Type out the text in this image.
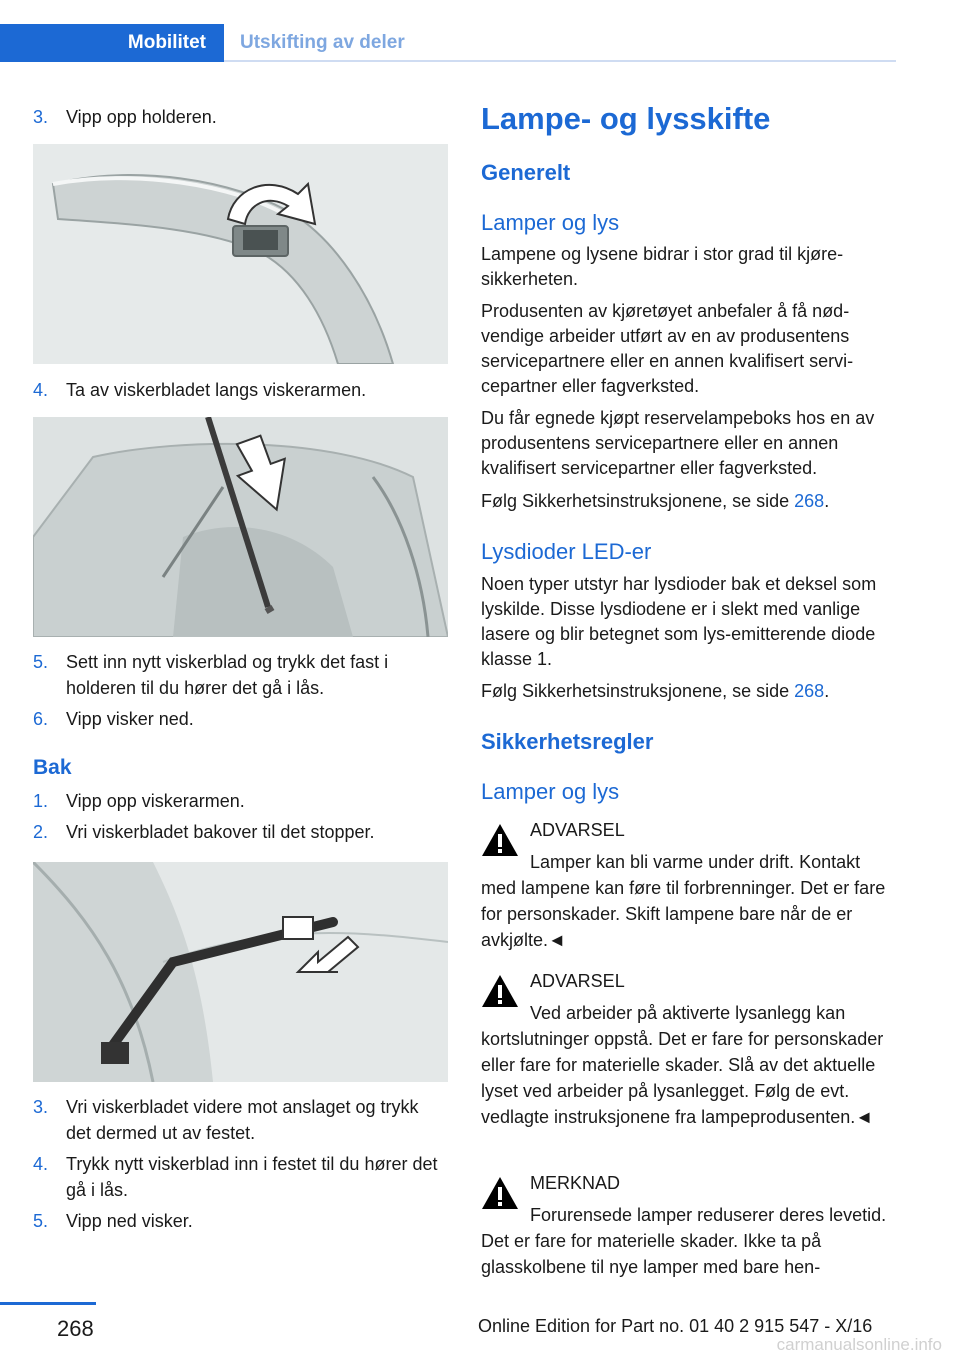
Mobilitet	Utskifting av deler
3. Vipp opp holderen.
4. Ta av viskerbladet langs viskerarmen.
5. Sett inn nytt viskerblad og trykk det fast i holderen til du hører det gå i lås.
6. Vipp visker ned.
Bak
1. Vipp opp viskerarmen.
2. Vri viskerbladet bakover til det stopper.
3. Vri viskerbladet videre mot anslaget og trykk det dermed ut av festet.
4. Trykk nytt viskerblad inn i festet til du hører det gå i lås.
5. Vipp ned visker.
Lampe- og lysskifte
Generelt
Lamper og lys
Lampene og lysene bidrar i stor grad til kjøresikkerheten.
Produsenten av kjøretøyet anbefaler å få nødvendige arbeider utført av en av produsentens servicepartnere eller en annen kvalifisert servicepartner eller fagverksted.
Du får egnede kjøpt reservelampeboks hos en av produsentens servicepartnere eller en annen kvalifisert servicepartner eller fagverksted.
Følg Sikkerhetsinstruksjonene, se side 268.
Lysdioder LED-er
Noen typer utstyr har lysdioder bak et deksel som lyskilde. Disse lysdiodene er i slekt med vanlige lasere og blir betegnet som lys-emitterende diode klasse 1.
Følg Sikkerhetsinstruksjonene, se side 268.
Sikkerhetsregler
Lamper og lys
ADVARSEL
Lamper kan bli varme under drift. Kontakt med lampene kan føre til forbrenninger. Det er fare for personskader. Skift lampene bare når de er avkjølte.◄
ADVARSEL
Ved arbeider på aktiverte lysanlegg kan kortslutninger oppstå. Det er fare for personskader eller fare for materielle skader. Slå av det aktuelle lyset ved arbeider på lysanlegget. Følg de evt. vedlagte instruksjonene fra lampeprodusenten.◄
MERKNAD
Forurensede lamper reduserer deres levetid. Det er fare for materielle skader. Ikke ta på glasskolbene til nye lamper med bare hen-
268	Online Edition for Part no. 01 40 2 915 547 - X/16
carmanualsonline.info
